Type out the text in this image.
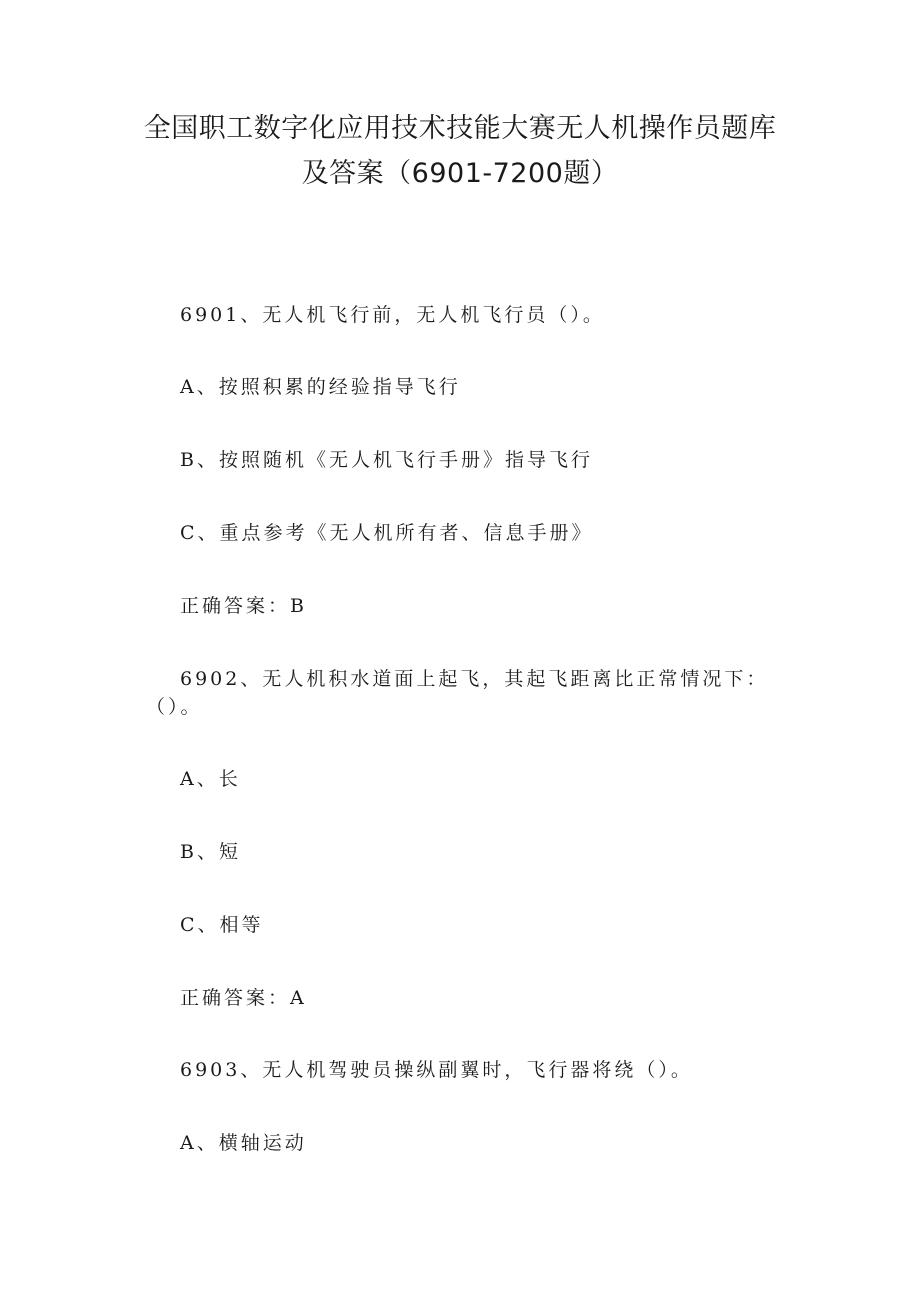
全国职工数字化应用技术技能大赛无人机操作员题库
及答案（6901-7200题）
6901、无人机飞行前，无人机飞行员（）。
A、按照积累的经验指导飞行
B、按照随机《无人机飞行手册》指导飞行
C、重点参考《无人机所有者、信息手册》
正确答案：B
6902、无人机积水道面上起飞，其起飞距离比正常情况下：
（）。
A、长
B、短
C、相等
正确答案：A
6903、无人机驾驶员操纵副翼时，飞行器将绕（）。
A、横轴运动
